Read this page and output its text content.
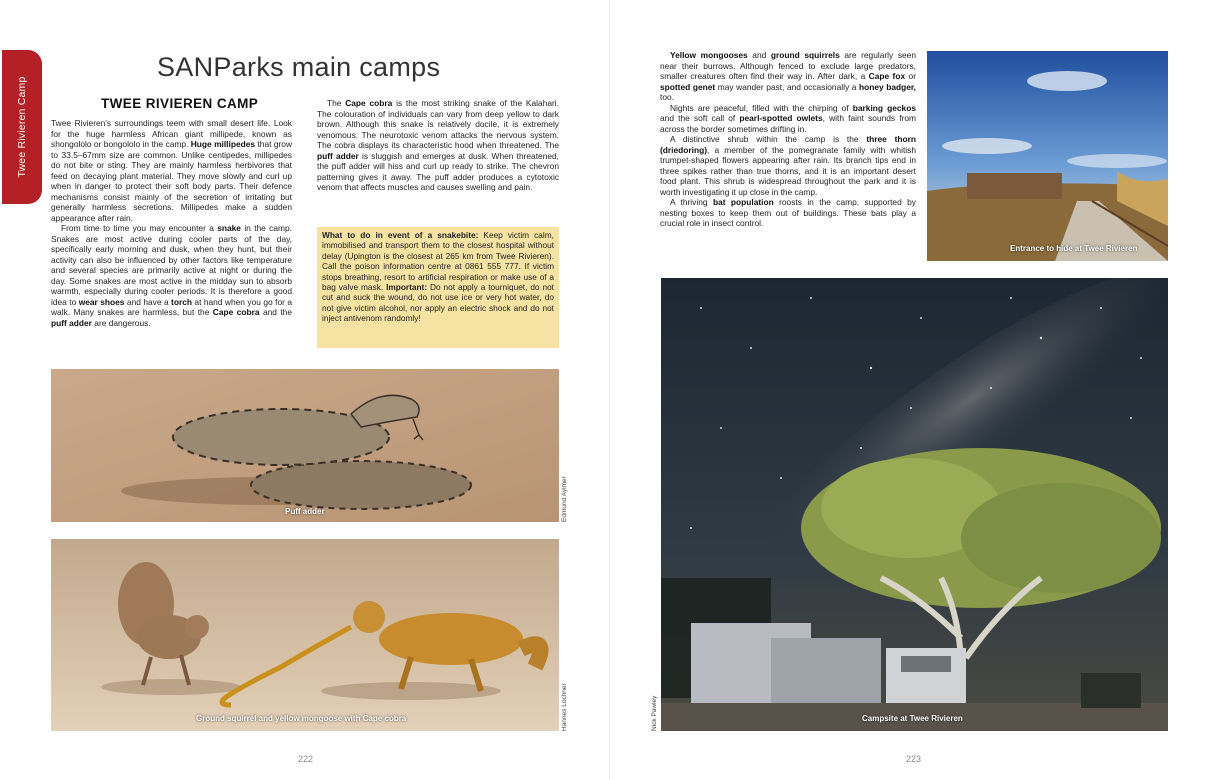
Twee Rivieren Camp
SANParks main camps
TWEE RIVIEREN CAMP

Twee Rivieren's surroundings teem with small desert life. Look for the huge harmless African giant millipede, known as shongololo or bongololo in the camp. Huge millipedes that grow to 33.5–67mm size are common. Unlike centipedes, millipedes do not bite or sting. They are mainly harmless herbivores that feed on decaying plant material. They move slowly and curl up when in danger to protect their soft body parts. Their defence mechanisms consist mainly of the secretion of irritating but generally harmless secretions. Millipedes make a sudden appearance after rain.

From time to time you may encounter a snake in the camp. Snakes are most active during cooler parts of the day, specifically early morning and dusk, when they hunt, but their activity can also be influenced by other factors like temperature and several species are primarily active at night or during the day. Some snakes are most active in the midday sun to absorb warmth, especially during cooler periods. It is therefore a good idea to wear shoes and have a torch at hand when you go for a walk. Many snakes are harmless, but the Cape cobra and the puff adder are dangerous.

The Cape cobra is the most striking snake of the Kalahari. The colouration of individuals can vary from deep yellow to dark brown. Although this snake is relatively docile, it is extremely venomous. The neurotoxic venom attacks the nervous system. The cobra displays its characteristic hood when threatened. The puff adder is sluggish and emerges at dusk. When threatened, the puff adder will hiss and curl up ready to strike. The chevron patterning gives it away. The puff adder produces a cytotoxic venom that affects muscles and causes swelling and pain.

What to do in event of a snakebite: Keep victim calm, immobilised and transport them to the closest hospital without delay (Upington is the closest at 265 km from Twee Rivieren). Call the poison information centre at 0861 555 777. If victim stops breathing, resort to artificial respiration or make use of a bag valve mask. Important: Do not apply a tourniquet, do not cut and suck the wound, do not use ice or very hot water, do not give victim alcohol, nor apply an electric shock and do not inject antivenom randomly!
Puff adder	Edmund Aylmer
Ground squirrel and yellow mongoose with Cape cobra	Hannes Lochner
222

Yellow mongooses and ground squirrels are regularly seen near their burrows. Although fenced to exclude large predators, smaller creatures often find their way in. After dark, a Cape fox or spotted genet may wander past, and occasionally a honey badger, too.

Nights are peaceful, filled with the chirping of barking geckos and the soft call of pearl-spotted owlets, with faint sounds from across the border sometimes drifting in.

A distinctive shrub within the camp is the three thorn (driedoring), a member of the pomegranate family with whitish trumpet-shaped flowers appearing after rain. Its branch tips end in three spikes rather than true thorns, and it is an important desert food plant. This shrub is widespread throughout the park and it is worth investigating it up close in the camp.

A thriving bat population roosts in the camp, supported by nesting boxes to keep them out of buildings. These bats play a crucial role in insect control.

Entrance to hide at Twee Rivieren
Campsite at Twee Rivieren
Nick Pawley
223
